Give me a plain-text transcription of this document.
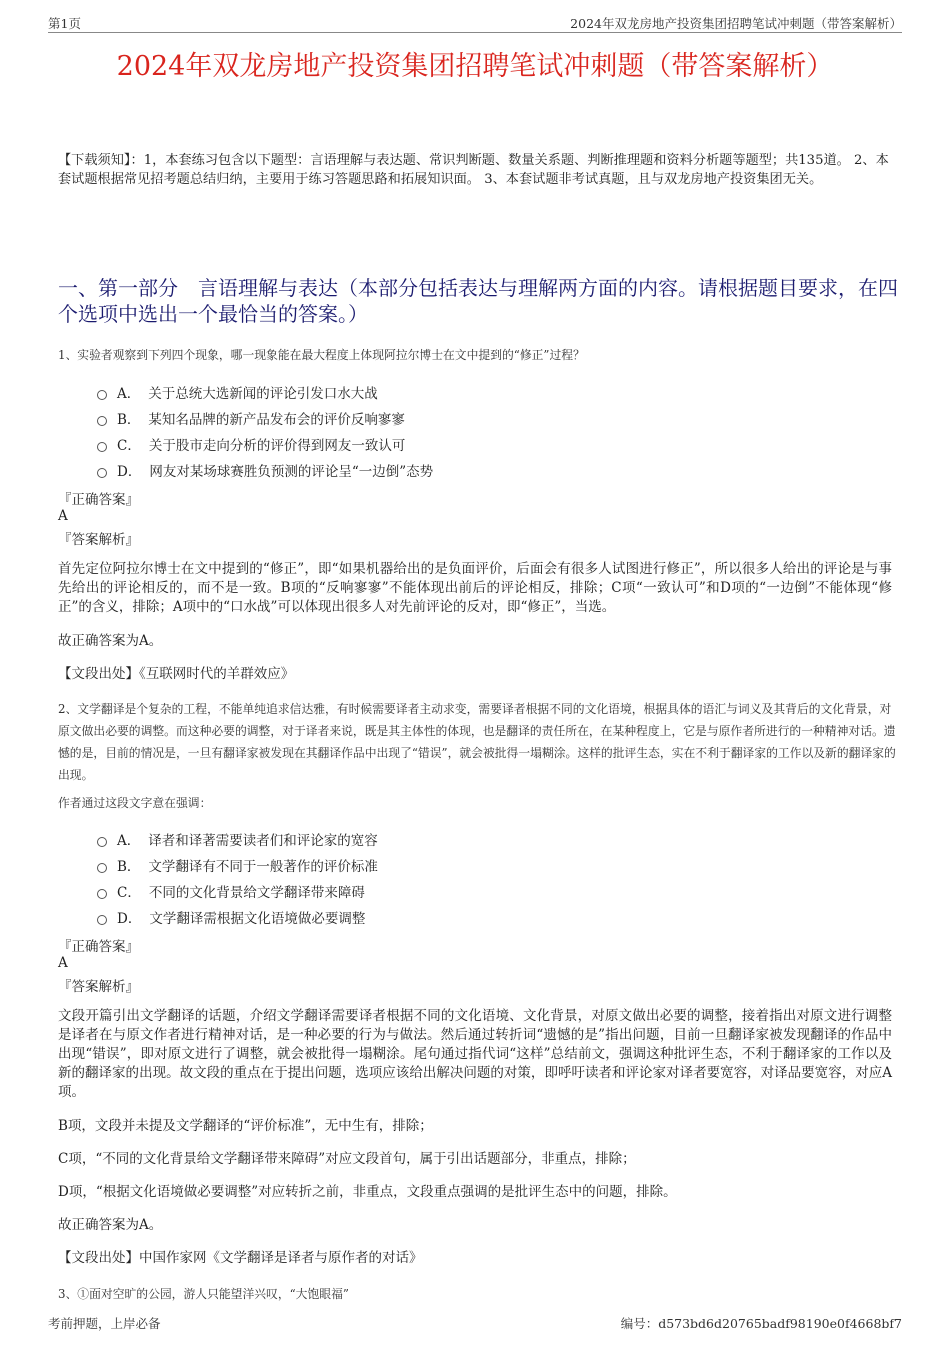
第1页	2024年双龙房地产投资集团招聘笔试冲刺题（带答案解析）
2024年双龙房地产投资集团招聘笔试冲刺题（带答案解析）
【下载须知】：1，本套练习包含以下题型：言语理解与表达题、常识判断题、数量关系题、判断推理题和资料分析题等题型；共135道。 2、本套试题根据常见招考题总结归纳，主要用于练习答题思路和拓展知识面。 3、本套试题非考试真题，且与双龙房地产投资集团无关。
一、第一部分　言语理解与表达（本部分包括表达与理解两方面的内容。请根据题目要求，在四个选项中选出一个最恰当的答案。）
1、实验者观察到下列四个现象，哪一现象能在最大程度上体现阿拉尔博士在文中提到的“修正”过程？
A． 关于总统大选新闻的评论引发口水大战
B． 某知名品牌的新产品发布会的评价反响寥寥
C． 关于股市走向分析的评价得到网友一致认可
D． 网友对某场球赛胜负预测的评论呈“一边倒”态势
『正确答案』
A
『答案解析』
首先定位阿拉尔博士在文中提到的“修正”，即“如果机器给出的是负面评价，后面会有很多人试图进行修正”，所以很多人给出的评论是与事先给出的评论相反的，而不是一致。B项的“反响寥寥”不能体现出前后的评论相反，排除；C项“一致认可”和D项的“一边倒”不能体现“修正”的含义，排除；A项中的“口水战”可以体现出很多人对先前评论的反对，即“修正”，当选。
故正确答案为A。
【文段出处】《互联网时代的羊群效应》
2、文学翻译是个复杂的工程，不能单纯追求信达雅，有时候需要译者主动求变，需要译者根据不同的文化语境，根据具体的语汇与词义及其背后的文化背景，对原文做出必要的调整。而这种必要的调整，对于译者来说，既是其主体性的体现，也是翻译的责任所在，在某种程度上，它是与原作者所进行的一种精神对话。遗憾的是，目前的情况是，一旦有翻译家被发现在其翻译作品中出现了“错误”，就会被批得一塌糊涂。这样的批评生态，实在不利于翻译家的工作以及新的翻译家的出现。
作者通过这段文字意在强调：
A． 译者和译著需要读者们和评论家的宽容
B． 文学翻译有不同于一般著作的评价标准
C． 不同的文化背景给文学翻译带来障碍
D． 文学翻译需根据文化语境做必要调整
『正确答案』
A
『答案解析』
文段开篇引出文学翻译的话题，介绍文学翻译需要译者根据不同的文化语境、文化背景，对原文做出必要的调整，接着指出对原文进行调整是译者在与原文作者进行精神对话，是一种必要的行为与做法。然后通过转折词“遗憾的是”指出问题，目前一旦翻译家被发现翻译的作品中出现“错误”，即对原文进行了调整，就会被批得一塌糊涂。尾句通过指代词“这样”总结前文，强调这种批评生态，不利于翻译家的工作以及新的翻译家的出现。故文段的重点在于提出问题，选项应该给出解决问题的对策，即呼吁读者和评论家对译者要宽容，对译品要宽容，对应A项。
B项，文段并未提及文学翻译的“评价标准”，无中生有，排除；
C项，“不同的文化背景给文学翻译带来障碍”对应文段首句，属于引出话题部分，非重点，排除；
D项，“根据文化语境做必要调整”对应转折之前，非重点，文段重点强调的是批评生态中的问题，排除。
故正确答案为A。
【文段出处】中国作家网《文学翻译是译者与原作者的对话》
3、①面对空旷的公园，游人只能望洋兴叹，“大饱眼福”
考前押题，上岸必备	编号：d573bd6d20765badf98190e0f4668bf7
